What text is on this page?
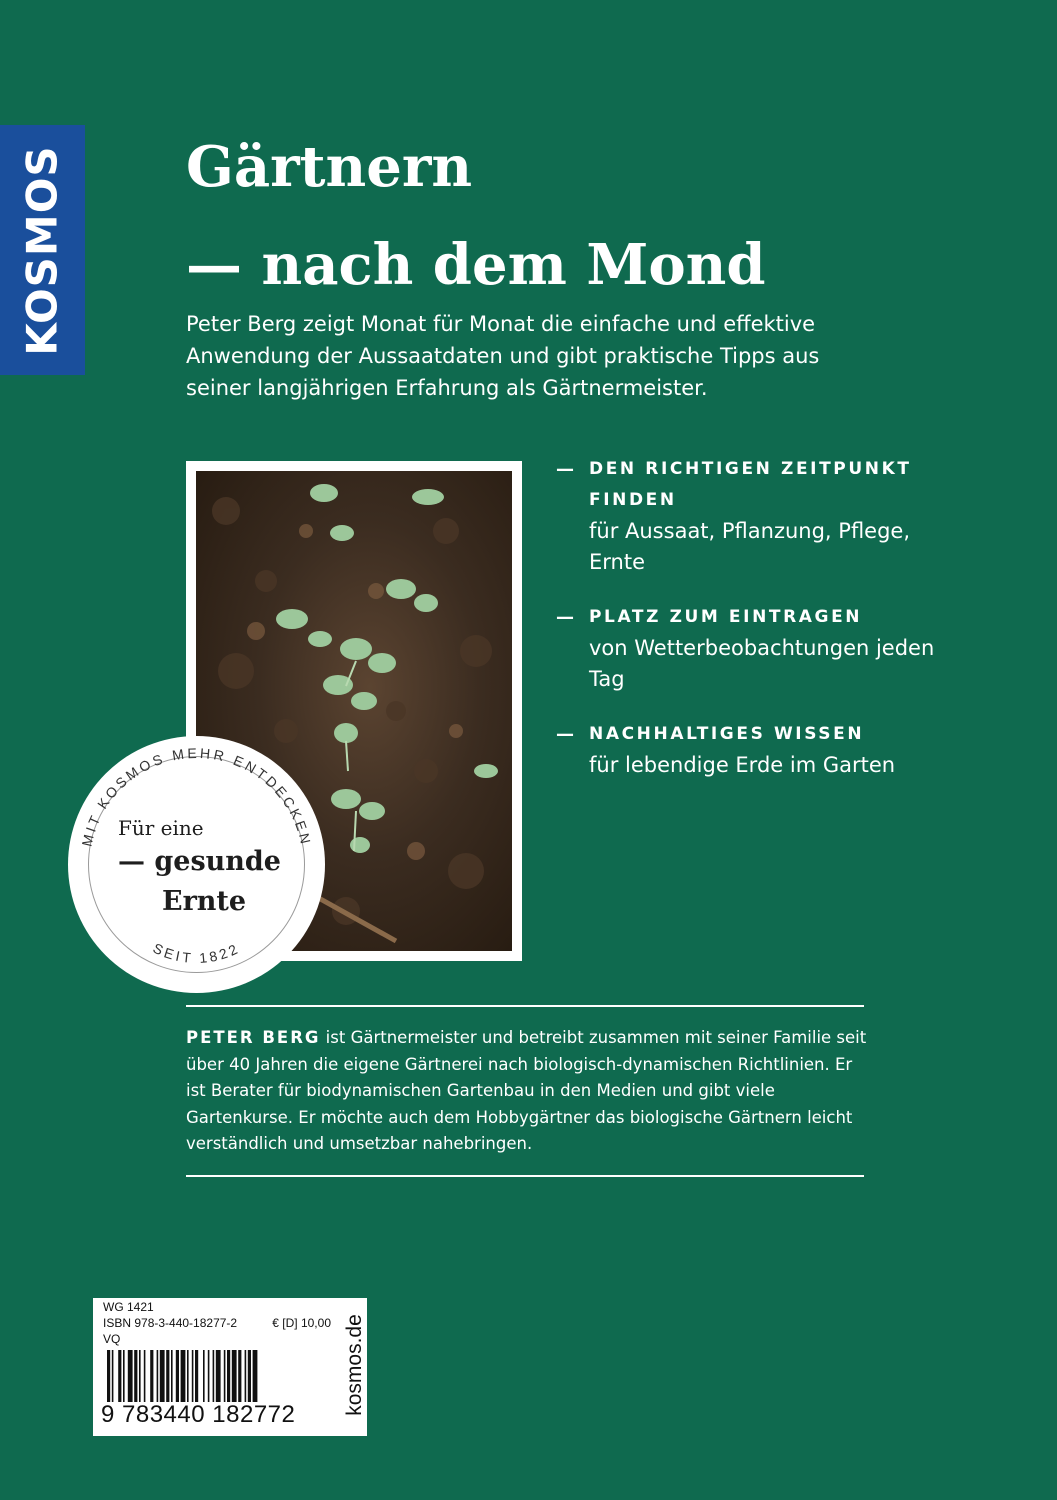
KOSMOS Gärtnern
— nach dem Mond

Peter Berg zeigt Monat für Monat die einfache und effektive Anwendung der Aussaatdaten und gibt praktische Tipps aus seiner langjährigen Erfahrung als Gärtnermeister.

— DEN RICHTIGEN ZEITPUNKT FINDEN
für Aussaat, Pflanzung, Pflege, Ernte
— PLATZ ZUM EINTRAGEN
von Wetterbeobachtungen jeden Tag
— NACHHALTIGES WISSEN
für lebendige Erde im Garten
MIT KOSMOS MEHR ENTDECKEN
SEIT 1822
Für eine
— gesunde
Ernte

PETER BERG ist Gärtnermeister und betreibt zusammen mit seiner Familie seit über 40 Jahren die eigene Gärtnerei nach biologisch-dynamischen Richtlinien. Er ist Berater für biodynamischen Gartenbau in den Medien und gibt viele Gartenkurse. Er möchte auch dem Hobbygärtner das biologische Gärtnern leicht verständlich und umsetzbar nahebringen.

WG 1421
ISBN 978-3-440-18277-2	€ [D] 10,00
VQ
9 783440 182772 kosmos.de
